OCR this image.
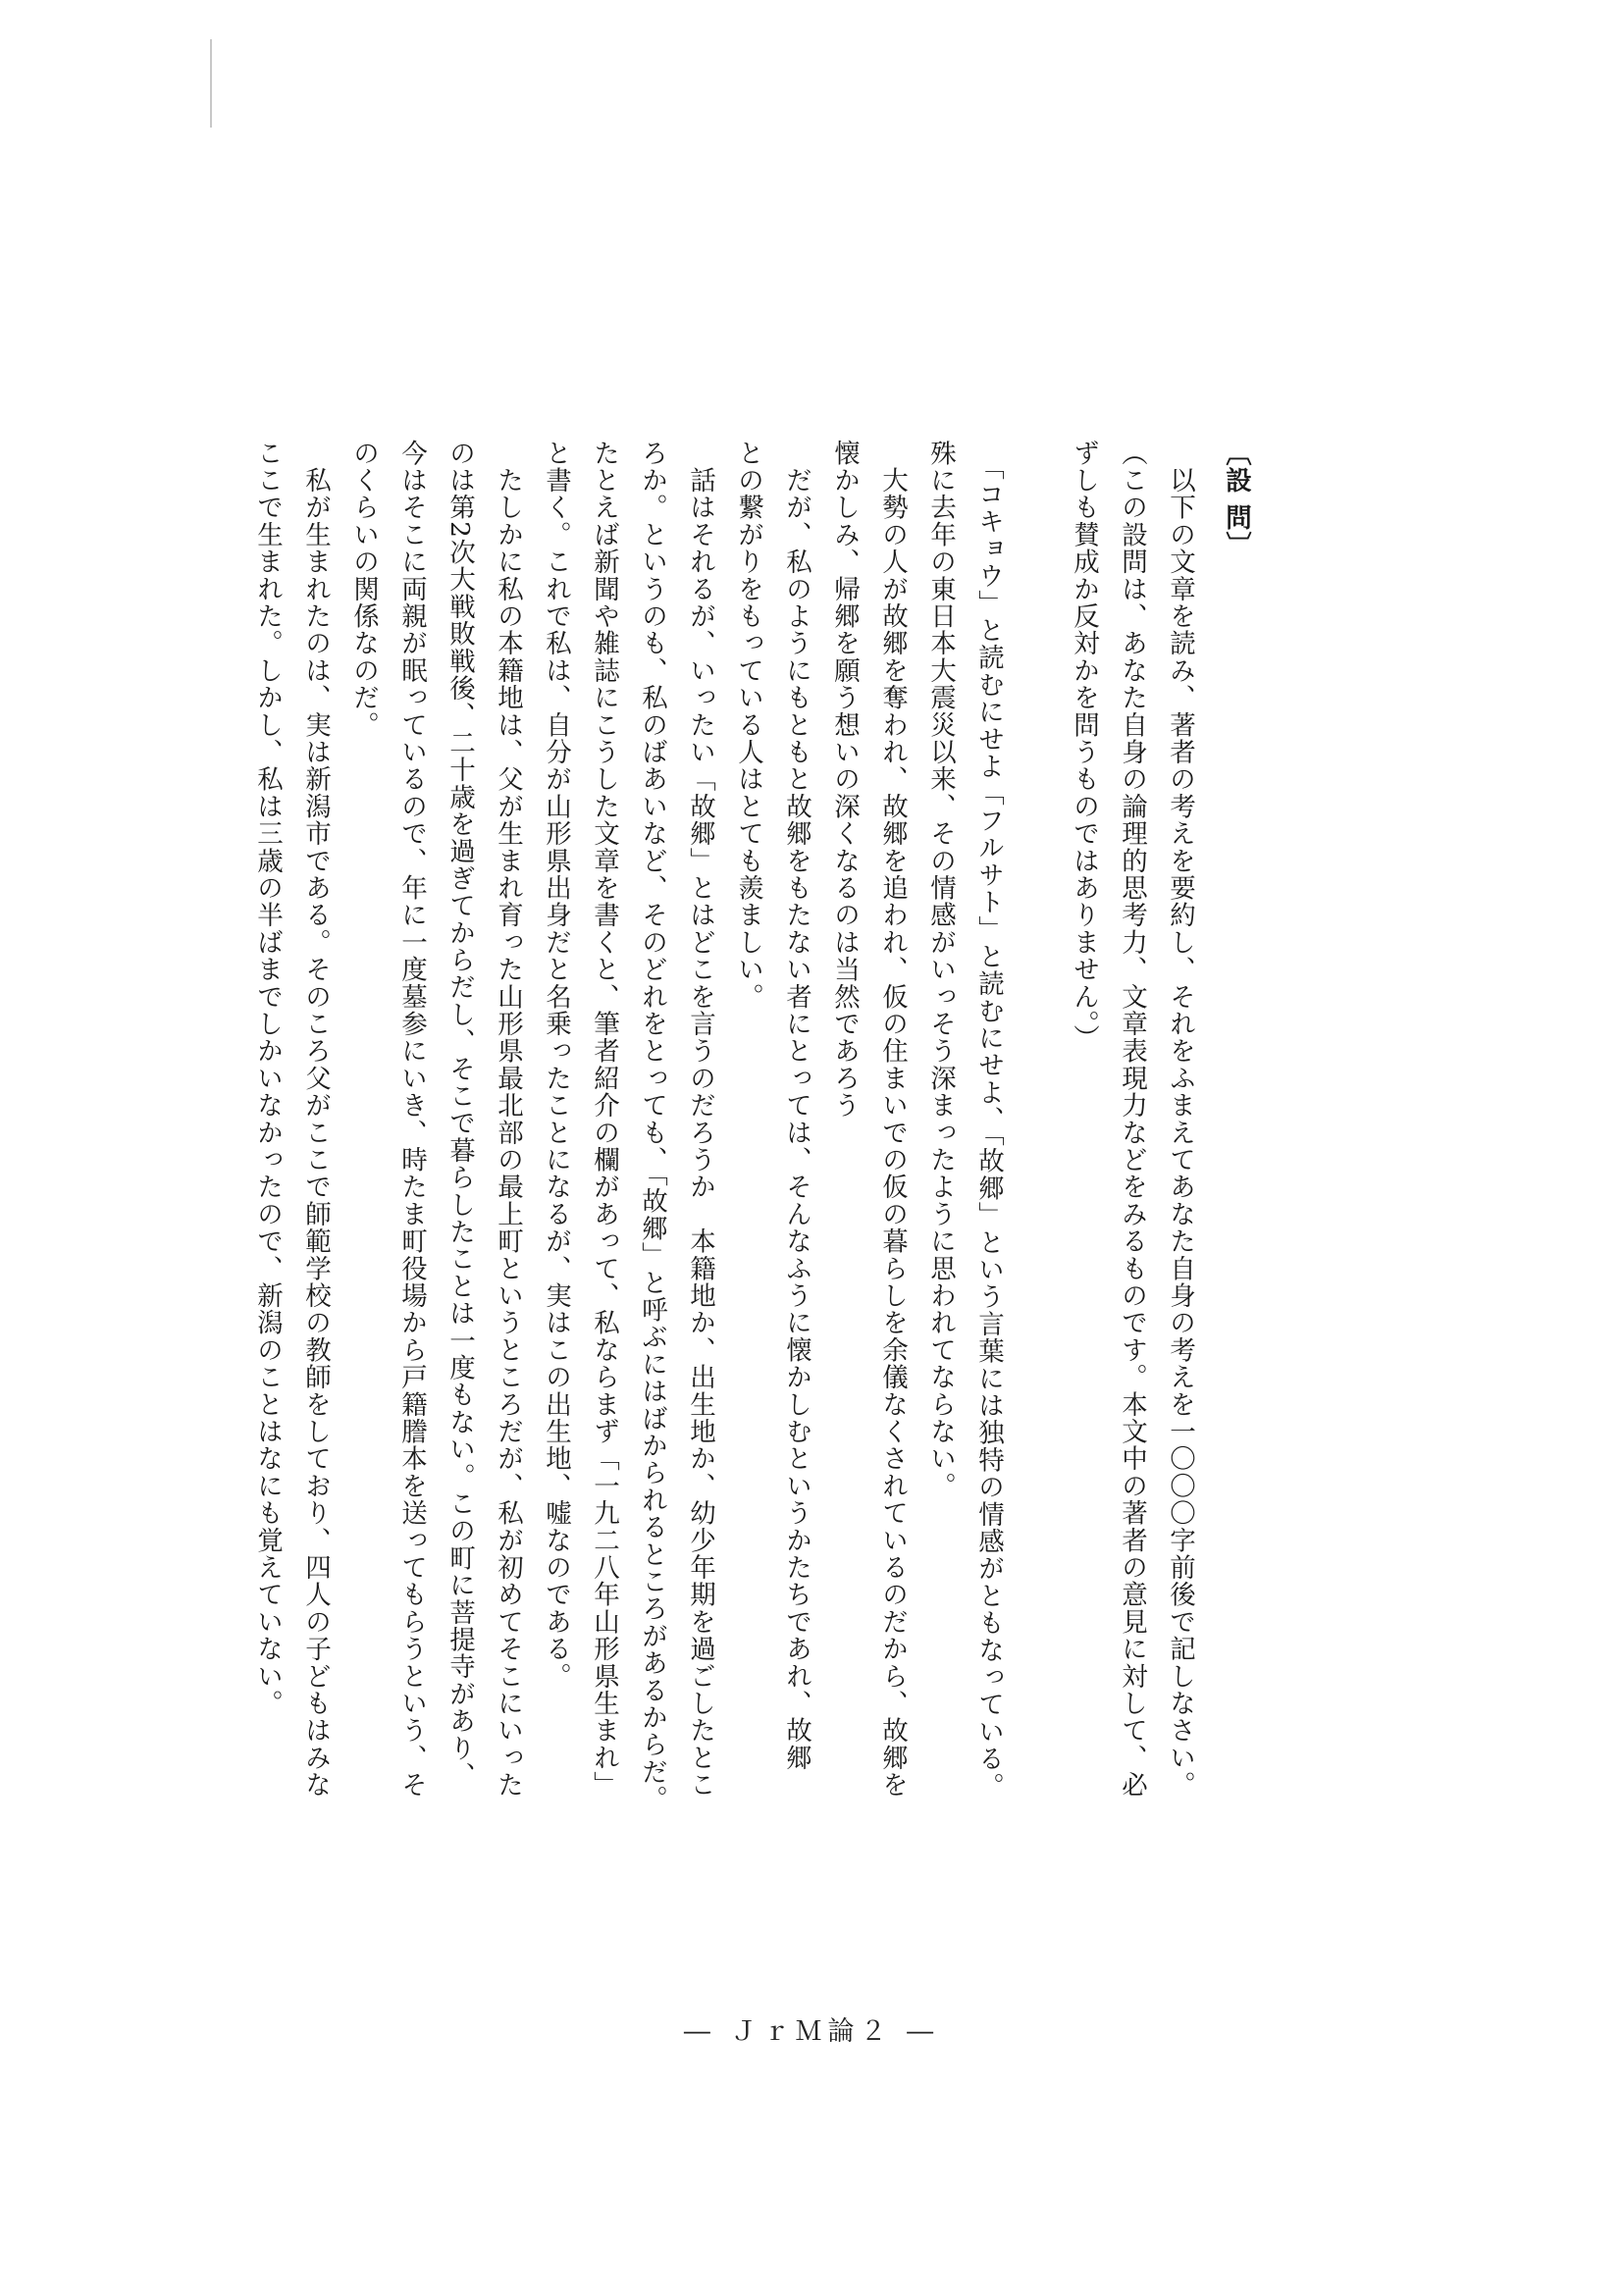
〔設 問〕
　以下の文章を読み、著者の考えを要約し、それをふまえてあなた自身の考えを一〇〇〇字前後で記しなさい。
（この設問は、あなた自身の論理的思考力、文章表現力などをみるものです。本文中の著者の意見に対して、必
ずしも賛成か反対かを問うものではありません。）
　「コキョウ」と読むにせよ「フルサト」と読むにせよ、「故郷」という言葉には独特の情感がともなっている。
殊に去年の東日本大震災以来、その情感がいっそう深まったように思われてならない。
　大勢の人が故郷を奪われ、故郷を追われ、仮の住まいでの仮の暮らしを余儀なくされているのだから、故郷を
懐かしみ、帰郷を願う想いの深くなるのは当然であろう
　だが、私のようにもともと故郷をもたない者にとっては、そんなふうに懐かしむというかたちであれ、故郷
との繋がりをもっている人はとても羨ましい。
　話はそれるが、いったい「故郷」とはどこを言うのだろうか　本籍地か、出生地か、幼少年期を過ごしたとこ
ろか。というのも、私のばあいなど、そのどれをとっても、「故郷」と呼ぶにはばかられるところがあるからだ。
たとえば新聞や雑誌にこうした文章を書くと、筆者紹介の欄があって、私ならまず「一九二八年山形県生まれ」
と書く。これで私は、自分が山形県出身だと名乗ったことになるが、実はこの出生地、嘘なのである。
　たしかに私の本籍地は、父が生まれ育った山形県最北部の最上町というところだが、私が初めてそこにいった
のは第2次大戦敗戦後、二十歳を過ぎてからだし、そこで暮らしたことは一度もない。この町に菩提寺があり、
今はそこに両親が眠っているので、年に一度墓参にいき、時たま町役場から戸籍謄本を送ってもらうという、そ
のくらいの関係なのだ。
　私が生まれたのは、実は新潟市である。そのころ父がここで師範学校の教師をしており、四人の子どもはみな
ここで生まれた。しかし、私は三歳の半ばまでしかいなかったので、新潟のことはなにも覚えていない。
― ＪｒＭ論２ ―
